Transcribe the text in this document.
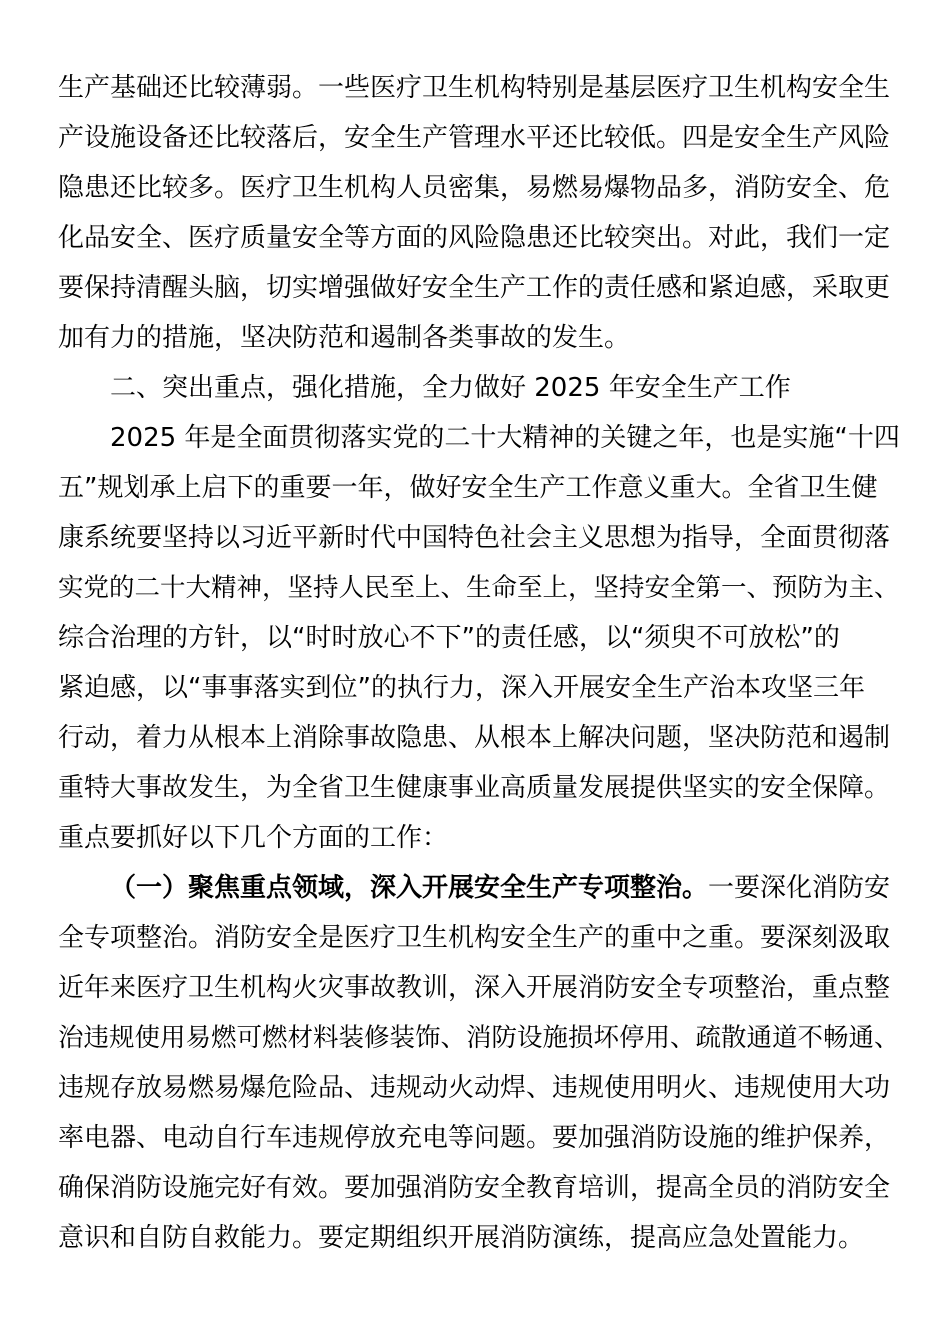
生产基础还比较薄弱。一些医疗卫生机构特别是基层医疗卫生机构安全生
产设施设备还比较落后，安全生产管理水平还比较低。四是安全生产风险
隐患还比较多。医疗卫生机构人员密集，易燃易爆物品多，消防安全、危
化品安全、医疗质量安全等方面的风险隐患还比较突出。对此，我们一定
要保持清醒头脑，切实增强做好安全生产工作的责任感和紧迫感，采取更
加有力的措施，坚决防范和遏制各类事故的发生。
二、突出重点，强化措施，全力做好 2025 年安全生产工作
2025 年是全面贯彻落实党的二十大精神的关键之年，也是实施“十四
五”规划承上启下的重要一年，做好安全生产工作意义重大。全省卫生健
康系统要坚持以习近平新时代中国特色社会主义思想为指导，全面贯彻落
实党的二十大精神，坚持人民至上、生命至上，坚持安全第一、预防为主、
综合治理的方针，以“时时放心不下”的责任感，以“须臾不可放松”的
紧迫感，以“事事落实到位”的执行力，深入开展安全生产治本攻坚三年
行动，着力从根本上消除事故隐患、从根本上解决问题，坚决防范和遏制
重特大事故发生，为全省卫生健康事业高质量发展提供坚实的安全保障。
重点要抓好以下几个方面的工作：
（一）聚焦重点领域，深入开展安全生产专项整治。一要深化消防安
全专项整治。消防安全是医疗卫生机构安全生产的重中之重。要深刻汲取
近年来医疗卫生机构火灾事故教训，深入开展消防安全专项整治，重点整
治违规使用易燃可燃材料装修装饰、消防设施损坏停用、疏散通道不畅通、
违规存放易燃易爆危险品、违规动火动焊、违规使用明火、违规使用大功
率电器、电动自行车违规停放充电等问题。要加强消防设施的维护保养，
确保消防设施完好有效。要加强消防安全教育培训，提高全员的消防安全
意识和自防自救能力。要定期组织开展消防演练，提高应急处置能力。
